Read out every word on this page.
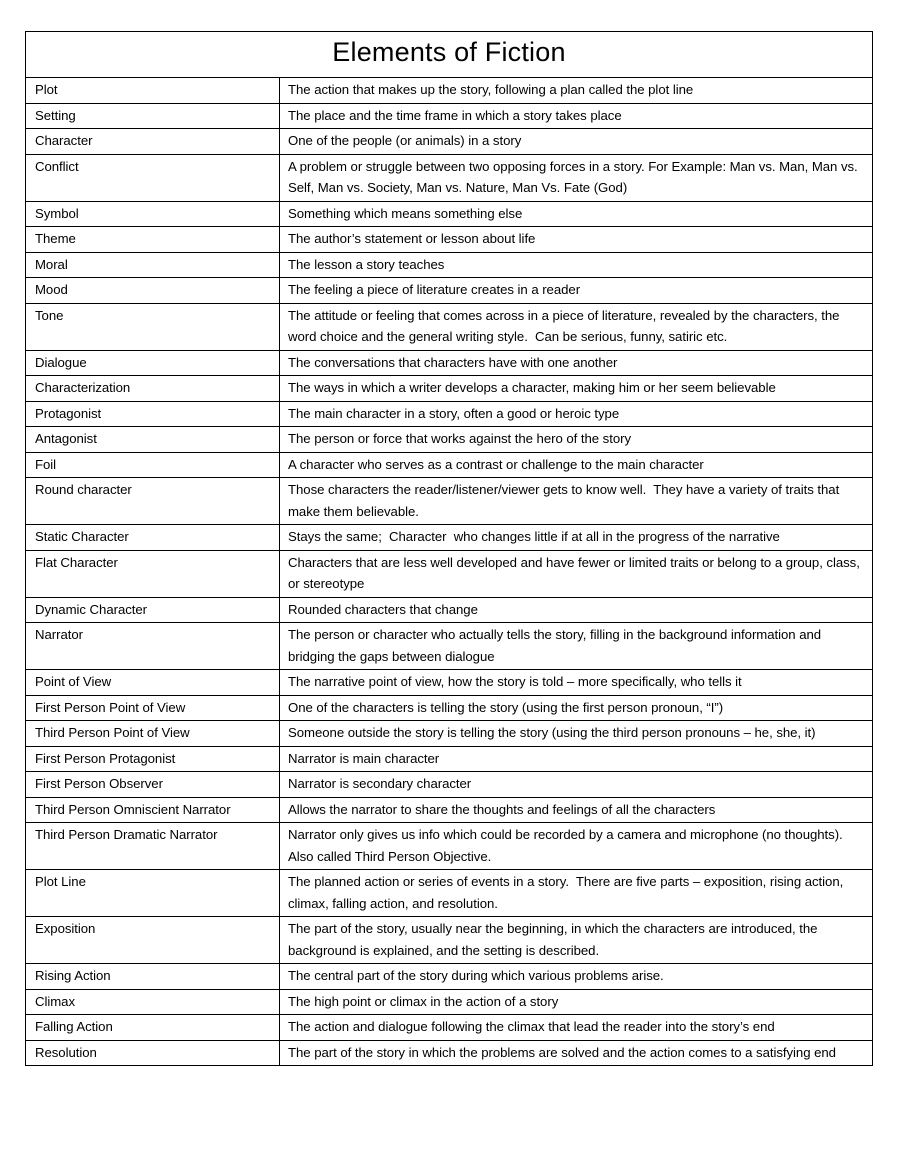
Elements of Fiction	
Plot	The action that makes up the story, following a plan called the plot line
Setting	The place and the time frame in which a story takes place
Character	One of the people (or animals) in a story
Conflict	A problem or struggle between two opposing forces in a story. For Example: Man vs. Man, Man vs. Self, Man vs. Society, Man vs. Nature, Man Vs. Fate (God)
Symbol	Something which means something else
Theme	The author’s statement or lesson about life
Moral	The lesson a story teaches
Mood	The feeling a piece of literature creates in a reader
Tone	The attitude or feeling that comes across in a piece of literature, revealed by the characters, the word choice and the general writing style.  Can be serious, funny, satiric etc.
Dialogue	The conversations that characters have with one another
Characterization	The ways in which a writer develops a character, making him or her seem believable
Protagonist	The main character in a story, often a good or heroic type
Antagonist	The person or force that works against the hero of the story
Foil	A character who serves as a contrast or challenge to the main character
Round character	Those characters the reader/listener/viewer gets to know well.  They have a variety of traits that make them believable.
Static Character	Stays the same;  Character  who changes little if at all in the progress of the narrative
Flat Character	Characters that are less well developed and have fewer or limited traits or belong to a group, class, or stereotype
Dynamic Character	Rounded characters that change
Narrator	The person or character who actually tells the story, filling in the background information and bridging the gaps between dialogue
Point of View	The narrative point of view, how the story is told – more specifically, who tells it
First Person Point of View	One of the characters is telling the story (using the first person pronoun, “I”)
Third Person Point of View	Someone outside the story is telling the story (using the third person pronouns – he, she, it)
First Person Protagonist	Narrator is main character
First Person Observer	Narrator is secondary character
Third Person Omniscient Narrator	Allows the narrator to share the thoughts and feelings of all the characters
Third Person Dramatic Narrator	Narrator only gives us info which could be recorded by a camera and microphone (no thoughts).  Also called Third Person Objective.
Plot Line	The planned action or series of events in a story.  There are five parts – exposition, rising action, climax, falling action, and resolution.
Exposition	The part of the story, usually near the beginning, in which the characters are introduced, the background is explained, and the setting is described.
Rising Action	The central part of the story during which various problems arise.
Climax	The high point or climax in the action of a story
Falling Action	The action and dialogue following the climax that lead the reader into the story’s end
Resolution	The part of the story in which the problems are solved and the action comes to a satisfying end
